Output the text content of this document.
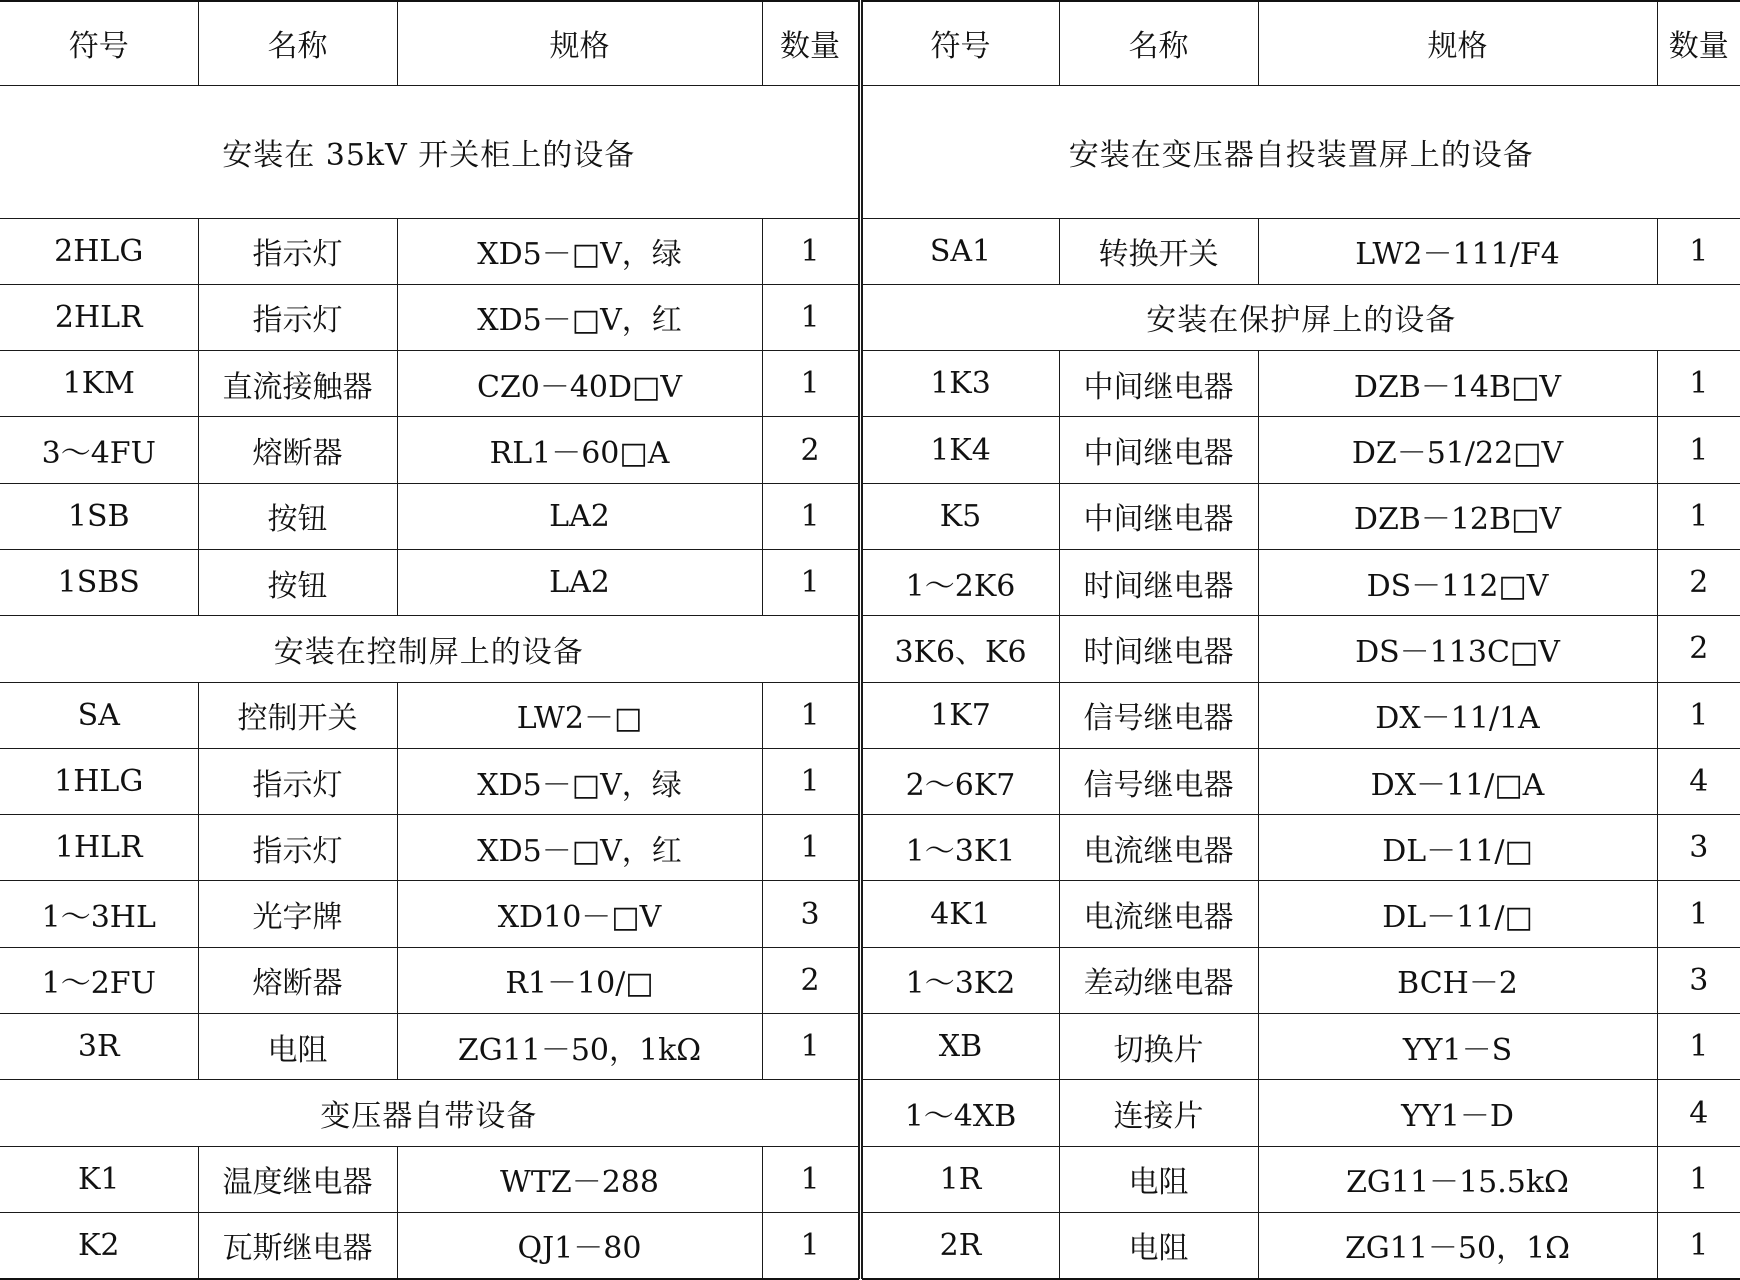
符号	名称	规格	数量
安装在 35kV 开关柜上的设备			
2HLG	指示灯	XD5－□V，绿	1
2HLR	指示灯	XD5－□V，红	1
1KM	直流接触器	CZ0－40D□V	1
3～4FU	熔断器	RL1－60□A	2
1SB	按钮	LA2	1
1SBS	按钮	LA2	1
安装在控制屏上的设备			
SA	控制开关	LW2－□	1
1HLG	指示灯	XD5－□V，绿	1
1HLR	指示灯	XD5－□V，红	1
1～3HL	光字牌	XD10－□V	3
1～2FU	熔断器	R1－10/□	2
3R	电阻	ZG11－50，1kΩ	1
变压器自带设备			
K1	温度继电器	WTZ－288	1
K2	瓦斯继电器	QJ1－80	1
符号	名称	规格	数量
安装在变压器自投装置屏上的设备			
SA1	转换开关	LW2－111/F4	1
安装在保护屏上的设备			
1K3	中间继电器	DZB－14B□V	1
1K4	中间继电器	DZ－51/22□V	1
K5	中间继电器	DZB－12B□V	1
1～2K6	时间继电器	DS－112□V	2
3K6、K6	时间继电器	DS－113C□V	2
1K7	信号继电器	DX－11/1A	1
2～6K7	信号继电器	DX－11/□A	4
1～3K1	电流继电器	DL－11/□	3
4K1	电流继电器	DL－11/□	1
1～3K2	差动继电器	BCH－2	3
XB	切换片	YY1－S	1
1～4XB	连接片	YY1－D	4
1R	电阻	ZG11－15.5kΩ	1
2R	电阻	ZG11－50，1Ω	1
